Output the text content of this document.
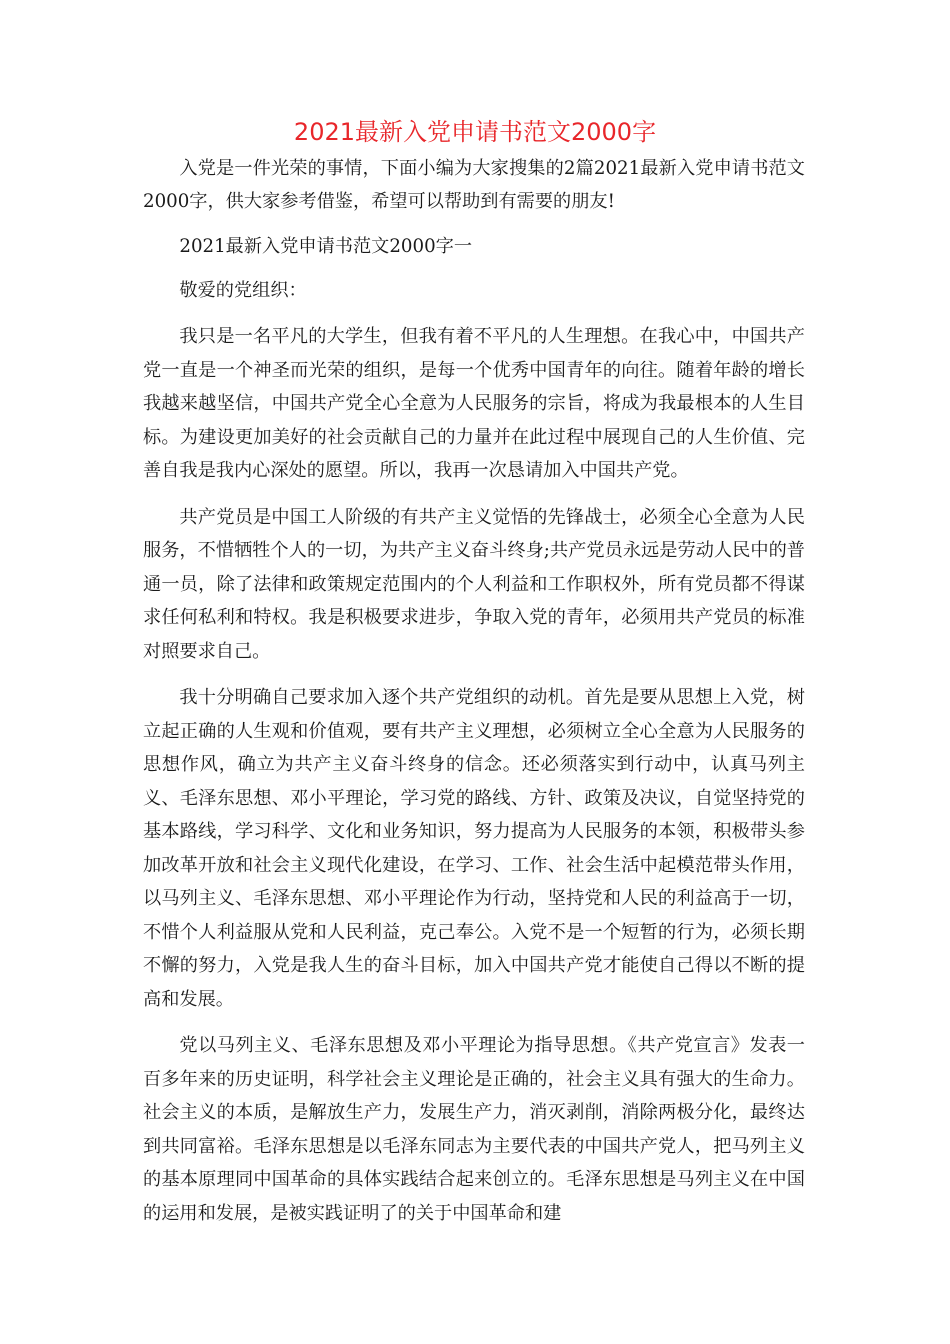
2021最新入党申请书范文2000字

入党是一件光荣的事情，下面小编为大家搜集的2篇2021最新入党申请书范文2000字，供大家参考借鉴，希望可以帮助到有需要的朋友!

2021最新入党申请书范文2000字一

敬爱的党组织：

我只是一名平凡的大学生，但我有着不平凡的人生理想。在我心中，中国共产党一直是一个神圣而光荣的组织，是每一个优秀中国青年的向往。随着年龄的增长我越来越坚信，中国共产党全心全意为人民服务的宗旨，将成为我最根本的人生目标。为建设更加美好的社会贡献自己的力量并在此过程中展现自己的人生价值、完善自我是我内心深处的愿望。所以，我再一次恳请加入中国共产党。

共产党员是中国工人阶级的有共产主义觉悟的先锋战士，必须全心全意为人民服务，不惜牺牲个人的一切，为共产主义奋斗终身;共产党员永远是劳动人民中的普通一员，除了法律和政策规定范围内的个人利益和工作职权外，所有党员都不得谋求任何私利和特权。我是积极要求进步，争取入党的青年，必须用共产党员的标准对照要求自己。

我十分明确自己要求加入逐个共产党组织的动机。首先是要从思想上入党，树立起正确的人生观和价值观，要有共产主义理想，必须树立全心全意为人民服务的思想作风，确立为共产主义奋斗终身的信念。还必须落实到行动中，认真马列主义、毛泽东思想、邓小平理论，学习党的路线、方针、政策及决议，自觉坚持党的基本路线，学习科学、文化和业务知识，努力提高为人民服务的本领，积极带头参加改革开放和社会主义现代化建设，在学习、工作、社会生活中起模范带头作用，以马列主义、毛泽东思想、邓小平理论作为行动，坚持党和人民的利益高于一切，不惜个人利益服从党和人民利益，克己奉公。入党不是一个短暂的行为，必须长期不懈的努力，入党是我人生的奋斗目标，加入中国共产党才能使自己得以不断的提高和发展。

党以马列主义、毛泽东思想及邓小平理论为指导思想。《共产党宣言》发表一百多年来的历史证明，科学社会主义理论是正确的，社会主义具有强大的生命力。社会主义的本质，是解放生产力，发展生产力，消灭剥削，消除两极分化，最终达到共同富裕。毛泽东思想是以毛泽东同志为主要代表的中国共产党人，把马列主义的基本原理同中国革命的具体实践结合起来创立的。毛泽东思想是马列主义在中国的运用和发展，是被实践证明了的关于中国革命和建
